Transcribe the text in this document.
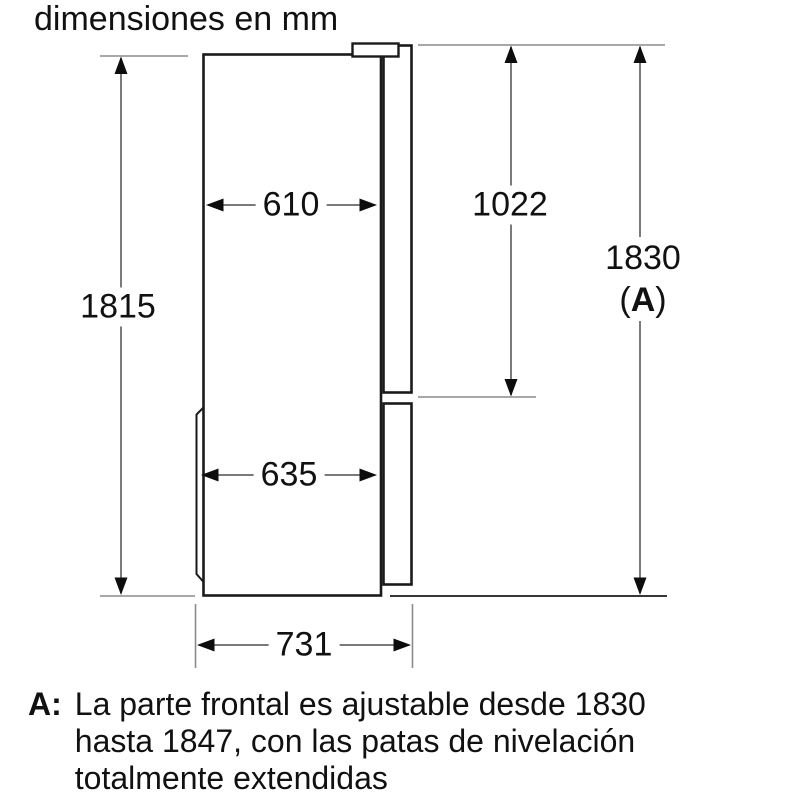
dimensiones en mm
610	1022
1815
1830
(A)
635
731
A: La parte frontal es ajustable desde 1830
hasta 1847, con las patas de nivelación
totalmente extendidas
